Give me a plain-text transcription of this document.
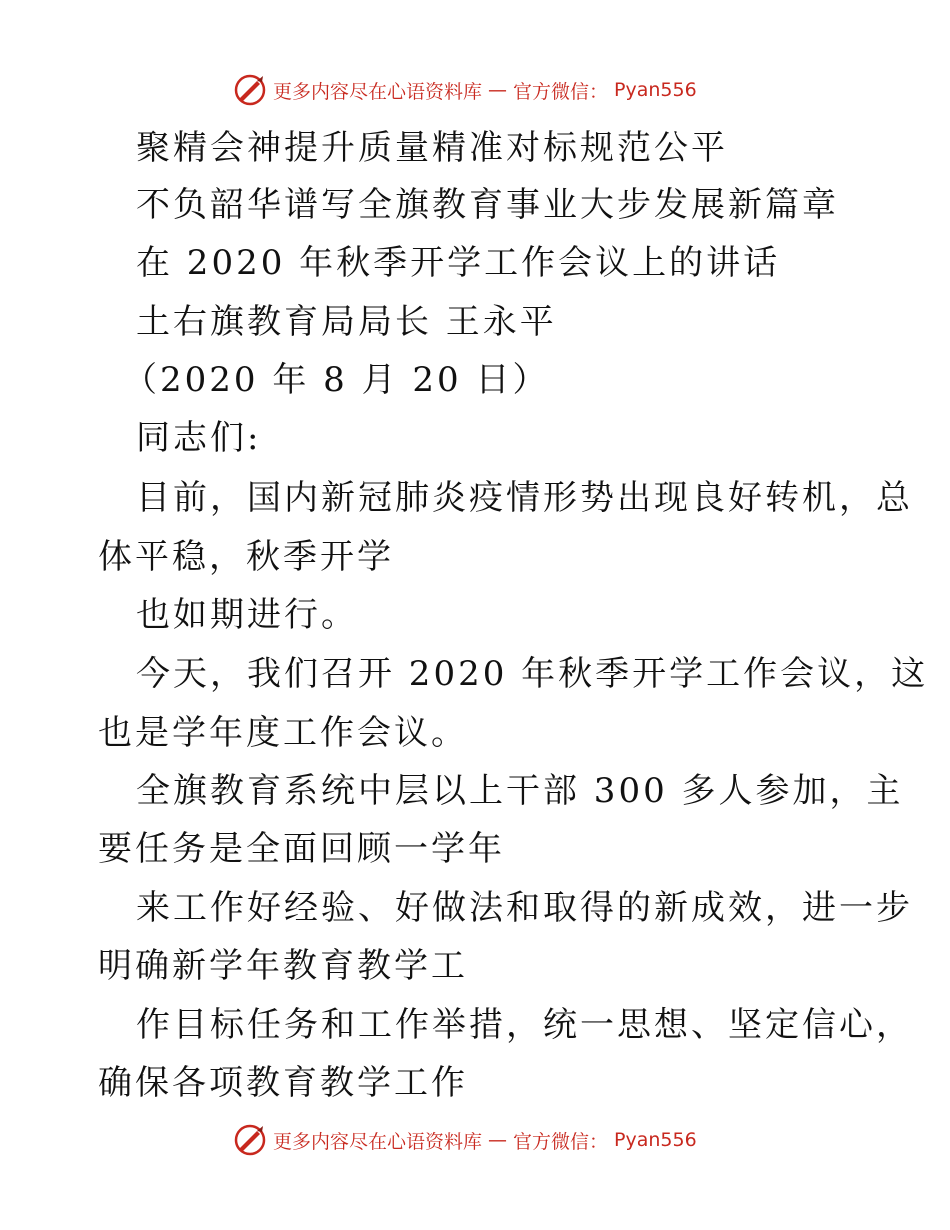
更多内容尽在心语资料库 — 官方微信： Pyan556
聚精会神提升质量精准对标规范公平
不负韶华谱写全旗教育事业大步发展新篇章
在 2020 年秋季开学工作会议上的讲话
土右旗教育局局长 王永平
（2020 年 8 月 20 日）
同志们:
目前，国内新冠肺炎疫情形势出现良好转机，总
体平稳，秋季开学
也如期进行。
今天，我们召开 2020 年秋季开学工作会议，这
也是学年度工作会议。
全旗教育系统中层以上干部 300 多人参加，主
要任务是全面回顾一学年
来工作好经验、好做法和取得的新成效，进一步
明确新学年教育教学工
作目标任务和工作举措，统一思想、坚定信心，
确保各项教育教学工作
更多内容尽在心语资料库 — 官方微信： Pyan556
